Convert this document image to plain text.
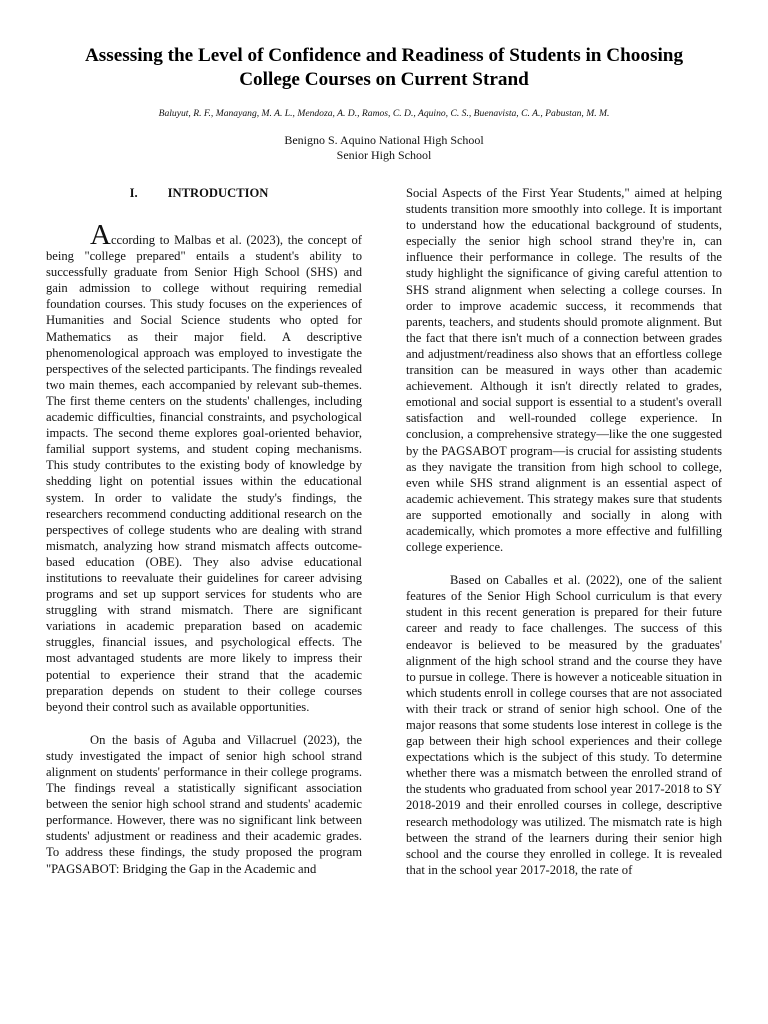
Assessing the Level of Confidence and Readiness of Students in Choosing College Courses on Current Strand
Baluyut, R. F., Manayang, M. A. L., Mendoza, A. D., Ramos, C. D., Aquino, C. S., Buenavista, C. A., Pabustan, M. M.
Benigno S. Aquino National High School
Senior High School
I. INTRODUCTION

According to Malbas et al. (2023), the concept of being "college prepared" entails a student's ability to successfully graduate from Senior High School (SHS) and gain admission to college without requiring remedial foundation courses. This study focuses on the experiences of Humanities and Social Science students who opted for Mathematics as their major field. A descriptive phenomenological approach was employed to investigate the perspectives of the selected participants. The findings revealed two main themes, each accompanied by relevant sub-themes. The first theme centers on the students' challenges, including academic difficulties, financial constraints, and psychological impacts. The second theme explores goal-oriented behavior, familial support systems, and student coping mechanisms. This study contributes to the existing body of knowledge by shedding light on potential issues within the educational system. In order to validate the study's findings, the researchers recommend conducting additional research on the perspectives of college students who are dealing with strand mismatch, analyzing how strand mismatch affects outcome-based education (OBE). They also advise educational institutions to reevaluate their guidelines for career advising programs and set up support services for students who are struggling with strand mismatch. There are significant variations in academic preparation based on academic struggles, financial issues, and psychological effects. The most advantaged students are more likely to impress their potential to experience their strand that the academic preparation depends on student to their college courses beyond their control such as available opportunities.

On the basis of Aguba and Villacruel (2023), the study investigated the impact of senior high school strand alignment on students' performance in their college programs. The findings reveal a statistically significant association between the senior high school strand and students' academic performance. However, there was no significant link between students' adjustment or readiness and their academic grades. To address these findings, the study proposed the program "PAGSABOT: Bridging the Gap in the Academic and

Social Aspects of the First Year Students," aimed at helping students transition more smoothly into college. It is important to understand how the educational background of students, especially the senior high school strand they're in, can influence their performance in college. The results of the study highlight the significance of giving careful attention to SHS strand alignment when selecting a college courses. In order to improve academic success, it recommends that parents, teachers, and students should promote alignment. But the fact that there isn't much of a connection between grades and adjustment/readiness also shows that an effortless college transition can be measured in ways other than academic achievement. Although it isn't directly related to grades, emotional and social support is essential to a student's overall satisfaction and well-rounded college experience. In conclusion, a comprehensive strategy—like the one suggested by the PAGSABOT program—is crucial for assisting students as they navigate the transition from high school to college, even while SHS strand alignment is an essential aspect of academic achievement. This strategy makes sure that students are supported emotionally and socially in along with academically, which promotes a more effective and fulfilling college experience.

Based on Caballes et al. (2022), one of the salient features of the Senior High School curriculum is that every student in this recent generation is prepared for their future career and ready to face challenges. The success of this endeavor is believed to be measured by the graduates' alignment of the high school strand and the course they have to pursue in college. There is however a noticeable situation in which students enroll in college courses that are not associated with their track or strand of senior high school. One of the major reasons that some students lose interest in college is the gap between their high school experiences and their college expectations which is the subject of this study. To determine whether there was a mismatch between the enrolled strand of the students who graduated from school year 2017-2018 to SY 2018-2019 and their enrolled courses in college, descriptive research methodology was utilized. The mismatch rate is high between the strand of the learners during their senior high school and the course they enrolled in college. It is revealed that in the school year 2017-2018, the rate of
